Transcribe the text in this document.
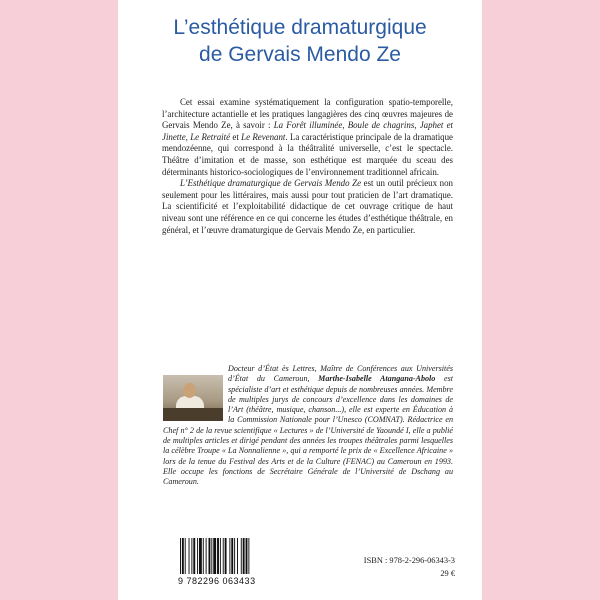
L’esthétique dramaturgique
de Gervais Mendo Ze

Cet essai examine systématiquement la configuration spatio-temporelle, l’architecture actantielle et les pratiques langagières des cinq œuvres majeures de Gervais Mendo Ze, à savoir : La Forêt illuminée, Boule de chagrins, Japhet et Jinette, Le Retraité et Le Revenant. La caractéristique principale de la dramatique mendozéenne, qui correspond à la théâtralité universelle, c’est le spectacle. Théâtre d’imitation et de masse, son esthétique est marquée du sceau des déterminants historico-sociologiques de l’environnement traditionnel africain.

L’Esthétique dramaturgique de Gervais Mendo Ze est un outil précieux non seulement pour les littéraires, mais aussi pour tout praticien de l’art dramatique. La scientificité et l’exploitabilité didactique de cet ouvrage critique de haut niveau sont une référence en ce qui concerne les études d’esthétique théâtrale, en général, et l’œuvre dramaturgique de Gervais Mendo Ze, en particulier.

Docteur d’État ès Lettres, Maître de Conférences aux Universités d’État du Cameroun, Marthe-Isabelle Atangana-Abolo est spécialiste d’art et esthétique depuis de nombreuses années. Membre de multiples jurys de concours d’excellence dans les domaines de l’Art (théâtre, musique, chanson...), elle est experte en Éducation à la Commission Nationale pour l’Unesco (COMNAT). Rédactrice en Chef n° 2 de la revue scientifique « Lectures » de l’Université de Yaoundé I, elle a publié de multiples articles et dirigé pendant des années les troupes théâtrales parmi lesquelles la célèbre Troupe « La Nonnalienne », qui a remporté le prix de « Excellence Africaine » lors de la tenue du Festival des Arts et de la Culture (FENAC) au Cameroun en 1993. Elle occupe les fonctions de Secrétaire Générale de l’Université de Dschang au Cameroun.
9 782296 063433
ISBN : 978-2-296-06343-3
29 €
